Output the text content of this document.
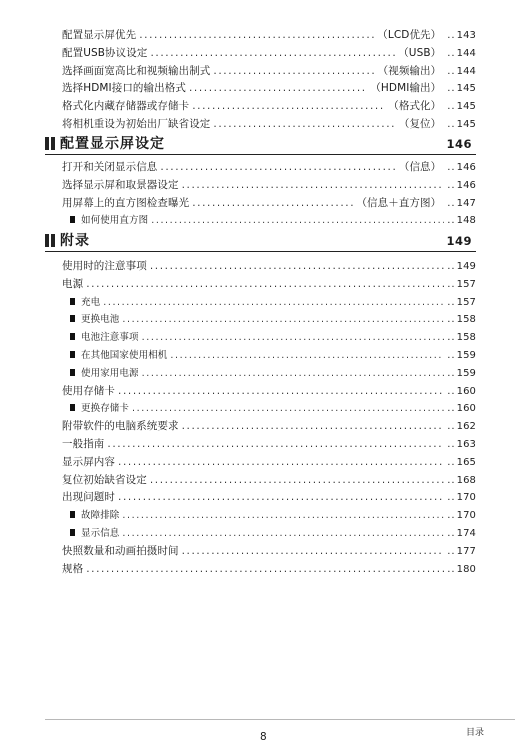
配置显示屏优先 .....	（LCD优先）	.. 143
配置USB协议设定 .....	（USB）	.. 144
选择画面宽高比和视频输出制式 .....	（视频输出）	.. 144
选择HDMI接口的输出格式 .....	（HDMI输出）	.. 145
格式化内藏存储器或存储卡 .....	（格式化）	.. 145
将相机重设为初始出厂缺省设定 .....	（复位）	.. 145
配置显示屏设定	146
打开和关闭显示信息 .....	（信息）	.. 146
选择显示屏和取景器设定 .....	.. 146
用屏幕上的直方图检查曝光 .....	（信息＋直方图）	.. 147
如何使用直方图 .....	.. 148
附录	149
使用时的注意事项 .....	.. 149
电源 .....	.. 157
充电 .....	.. 157
更换电池 .....	.. 158
电池注意事项 .....	.. 158
在其他国家使用相机 .....	.. 159
使用家用电源 .....	.. 159
使用存储卡 .....	.. 160
更换存储卡 .....	.. 160
附带软件的电脑系统要求 .....	.. 162
一般指南 .....	.. 163
显示屏内容 .....	.. 165
复位初始缺省设定 .....	.. 168
出现问题时 .....	.. 170
故障排除 .....	.. 170
显示信息 .....	.. 174
快照数量和动画拍摄时间 .....	.. 177
规格 .....	.. 180
8	目录
